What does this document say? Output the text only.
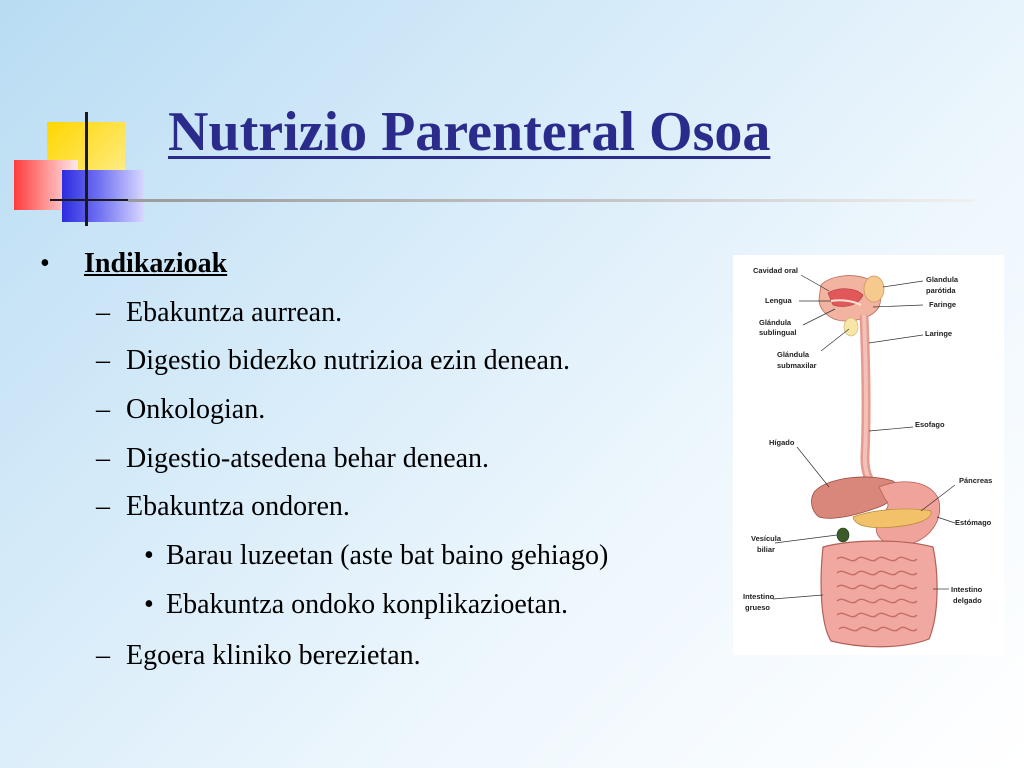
Nutrizio Parenteral Osoa
• Indikazioak
– Ebakuntza aurrean.
– Digestio bidezko nutrizioa ezin denean.
– Onkologian.
– Digestio-atsedena behar denean.
– Ebakuntza ondoren.
• Barau luzeetan (aste bat baino gehiago)
• Ebakuntza ondoko konplikazioetan.
– Egoera kliniko berezietan.
Cavidad oral
Lengua
Glándula
sublingual
Glándula
submaxilar
Glandula
parótida
Faringe
Laringe
Esofago
Hígado
Páncreas
Estómago
Vesícula
biliar
Intestino
grueso
Intestino
delgado
